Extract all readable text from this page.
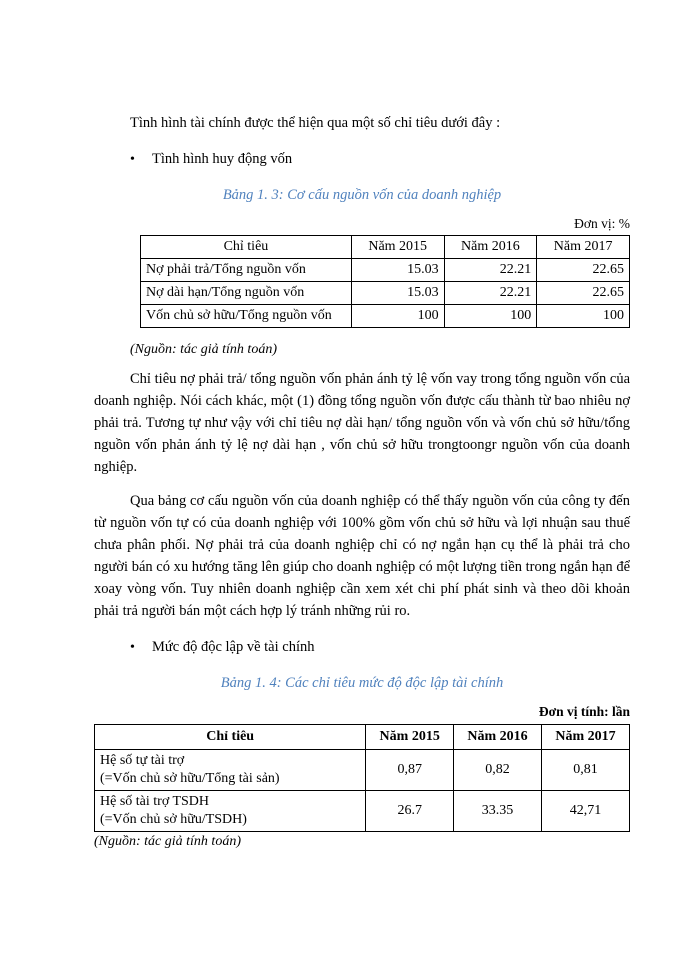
Tình hình tài chính được thể hiện qua một số chỉ tiêu dưới đây :

•	Tình hình huy động vốn

Bảng 1. 3: Cơ cấu nguồn vốn của doanh nghiệp

Đơn vị: %

Chỉ tiêu	Năm 2015	Năm 2016	Năm 2017
Nợ phải trả/Tổng nguồn vốn	15.03	22.21	22.65
Nợ dài hạn/Tổng nguồn vốn	15.03	22.21	22.65
Vốn chủ sở hữu/Tổng nguồn vốn	100	100	100

(Nguồn: tác giả tính toán)

Chỉ tiêu nợ phải trả/ tổng nguồn vốn phản ánh tỷ lệ vốn vay trong tổng nguồn vốn của doanh nghiệp. Nói cách khác, một (1) đồng tổng nguồn vốn được cấu thành từ bao nhiêu nợ phải trả. Tương tự như vậy với chỉ tiêu nợ dài hạn/ tổng nguồn vốn và vốn chủ sở hữu/tổng nguồn vốn phản ánh tỷ lệ nợ dài hạn , vốn chủ sở hữu trongtoongr nguồn vốn của doanh nghiệp.

Qua bảng cơ cấu nguồn vốn của doanh nghiệp có thể thấy nguồn vốn của công ty đến từ nguồn vốn tự có của doanh nghiệp với 100% gồm vốn chủ sở hữu và lợi nhuận sau thuế chưa phân phối. Nợ phải trả của doanh nghiệp chỉ có nợ ngắn hạn cụ thể là phải trả cho người bán có xu hướng tăng lên giúp cho doanh nghiệp có một lượng tiền trong ngắn hạn để xoay vòng vốn. Tuy nhiên doanh nghiệp cần xem xét chi phí phát sinh và theo dõi khoản phải trả người bán một cách hợp lý tránh những rủi ro.

•	Mức độ độc lập về tài chính

Bảng 1. 4: Các chỉ tiêu mức độ độc lập tài chính

Đơn vị tính: lần

Chỉ tiêu	Năm 2015	Năm 2016	Năm 2017

Hệ số tự tài trợ
(=Vốn chủ sở hữu/Tổng tài sản)	0,87	0,82	0,81

Hệ số tài trợ TSDH
(=Vốn chủ sở hữu/TSDH)	26.7	33.35	42,71

(Nguồn: tác giả tính toán)
